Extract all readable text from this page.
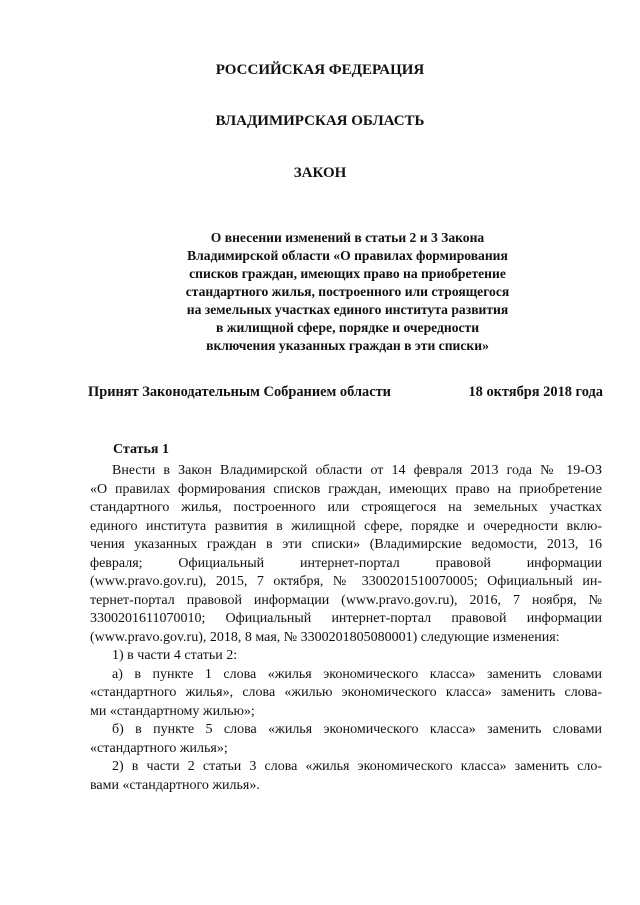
РОССИЙСКАЯ ФЕДЕРАЦИЯ
ВЛАДИМИРСКАЯ ОБЛАСТЬ
ЗАКОН
О внесении изменений в статьи 2 и 3 Закона
Владимирской области «О правилах формирования
списков граждан, имеющих право на приобретение
стандартного жилья, построенного или строящегося
на земельных участках единого института развития
в жилищной сфере, порядке и очередности
включения указанных граждан в эти списки»
Принят Законодательным Собранием области	18 октября 2018 года
Статья 1

Внести в Закон Владимирской области от 14 февраля 2013 года № 19-ОЗ

«О правилах формирования списков граждан, имеющих право на приобретение

стандартного жилья, построенного или строящегося на земельных участках

единого института развития в жилищной сфере, порядке и очередности вклю-

чения указанных граждан в эти списки» (Владимирские ведомости, 2013, 16

февраля; Официальный интернет-портал правовой информации

(www.pravo.gov.ru), 2015, 7 октября, № 3300201510070005; Официальный ин-

тернет-портал правовой информации (www.pravo.gov.ru), 2016, 7 ноября, №

3300201611070010; Официальный интернет-портал правовой информации

(www.pravo.gov.ru), 2018, 8 мая, № 3300201805080001) следующие изменения:

1) в части 4 статьи 2:

а) в пункте 1 слова «жилья экономического класса» заменить словами

«стандартного жилья», слова «жилью экономического класса» заменить слова-

ми «стандартному жилью»;

б) в пункте 5 слова «жилья экономического класса» заменить словами

«стандартного жилья»;

2) в части 2 статьи 3 слова «жилья экономического класса» заменить сло-

вами «стандартного жилья».
